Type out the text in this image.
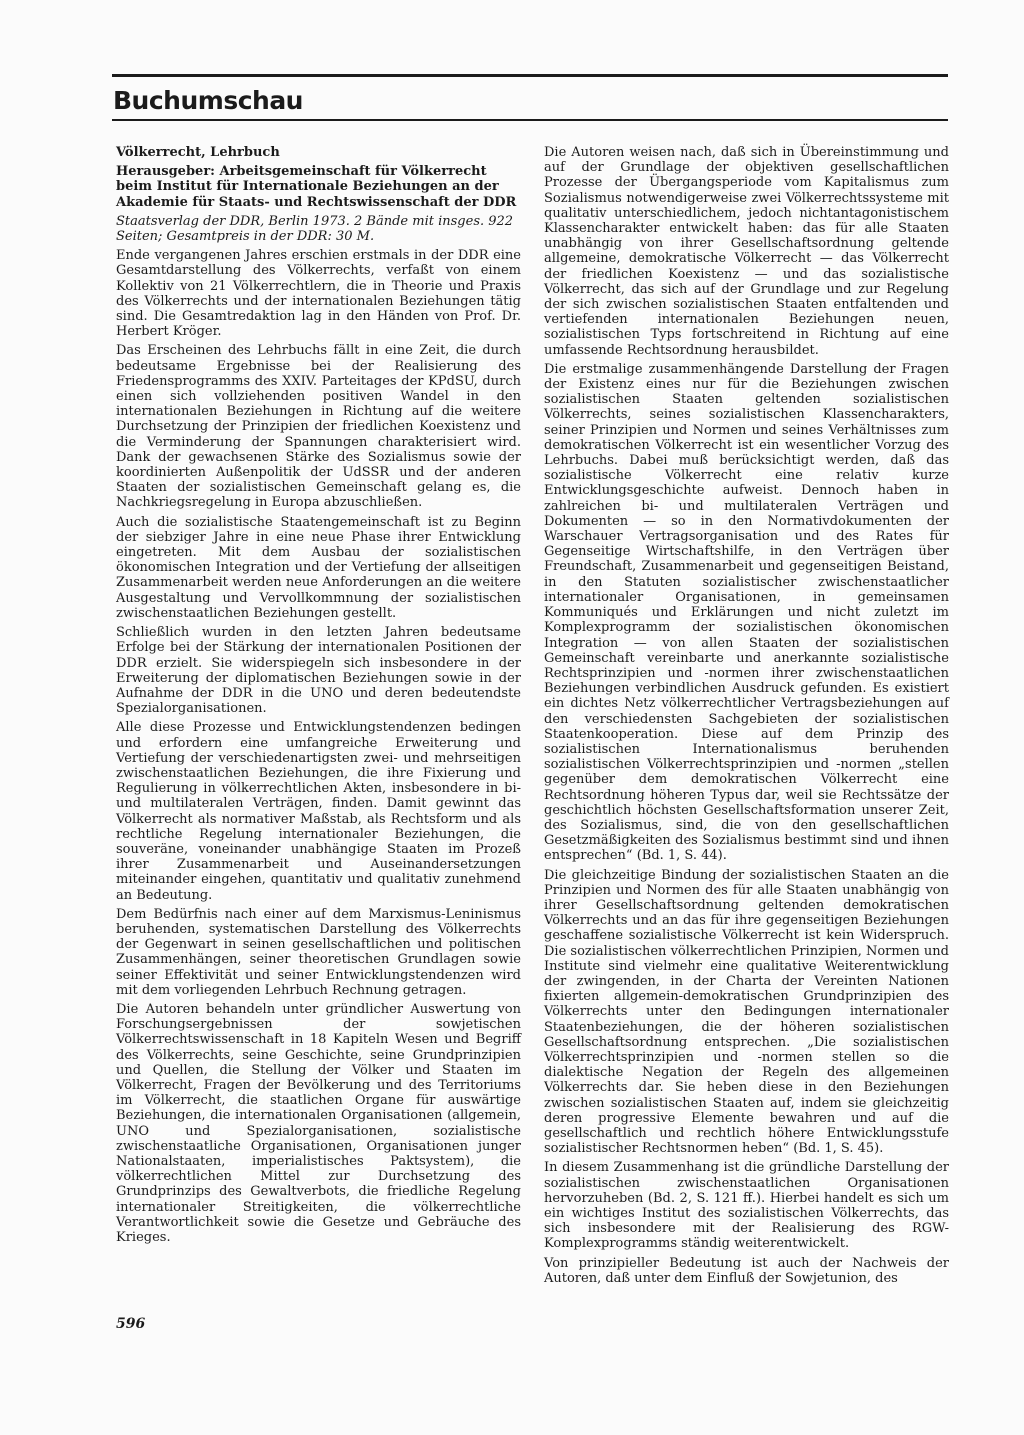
Buchumschau

Völkerrecht, Lehrbuch

Herausgeber: Arbeitsgemeinschaft für Völkerrecht beim Institut für Internationale Beziehungen an der Akademie für Staats- und Rechtswissenschaft der DDR

Staatsverlag der DDR, Berlin 1973. 2 Bände mit insges. 922 Seiten; Gesamtpreis in der DDR: 30 M.

Ende vergangenen Jahres erschien erstmals in der DDR eine Gesamtdarstellung des Völkerrechts, verfaßt von einem Kollektiv von 21 Völkerrechtlern, die in Theorie und Praxis des Völkerrechts und der internationalen Beziehungen tätig sind. Die Gesamtredaktion lag in den Händen von Prof. Dr. Herbert Kröger.

Das Erscheinen des Lehrbuchs fällt in eine Zeit, die durch bedeutsame Ergebnisse bei der Realisierung des Friedensprogramms des XXIV. Parteitages der KPdSU, durch einen sich vollziehenden positiven Wandel in den internationalen Beziehungen in Richtung auf die weitere Durchsetzung der Prinzipien der friedlichen Koexistenz und die Verminderung der Spannungen charakterisiert wird. Dank der gewachsenen Stärke des Sozialismus sowie der koordinierten Außenpolitik der UdSSR und der anderen Staaten der sozialistischen Gemeinschaft gelang es, die Nachkriegsregelung in Europa abzuschließen.

Auch die sozialistische Staatengemeinschaft ist zu Beginn der siebziger Jahre in eine neue Phase ihrer Entwicklung eingetreten. Mit dem Ausbau der sozialistischen ökonomischen Integration und der Vertiefung der allseitigen Zusammenarbeit werden neue Anforderungen an die weitere Ausgestaltung und Vervollkommnung der sozialistischen zwischenstaatlichen Beziehungen gestellt.

Schließlich wurden in den letzten Jahren bedeutsame Erfolge bei der Stärkung der internationalen Positionen der DDR erzielt. Sie widerspiegeln sich insbesondere in der Erweiterung der diplomatischen Beziehungen sowie in der Aufnahme der DDR in die UNO und deren bedeutendste Spezialorganisationen.

Alle diese Prozesse und Entwicklungstendenzen bedingen und erfordern eine umfangreiche Erweiterung und Vertiefung der verschiedenartigsten zwei- und mehrseitigen zwischenstaatlichen Beziehungen, die ihre Fixierung und Regulierung in völkerrechtlichen Akten, insbesondere in bi- und multilateralen Verträgen, finden. Damit gewinnt das Völkerrecht als normativer Maßstab, als Rechtsform und als rechtliche Regelung internationaler Beziehungen, die souveräne, voneinander unabhängige Staaten im Prozeß ihrer Zusammenarbeit und Auseinandersetzungen miteinander eingehen, quantitativ und qualitativ zunehmend an Bedeutung.

Dem Bedürfnis nach einer auf dem Marxismus-Leninismus beruhenden, systematischen Darstellung des Völkerrechts der Gegenwart in seinen gesellschaftlichen und politischen Zusammenhängen, seiner theoretischen Grundlagen sowie seiner Effektivität und seiner Entwicklungstendenzen wird mit dem vorliegenden Lehrbuch Rechnung getragen.

Die Autoren behandeln unter gründlicher Auswertung von Forschungsergebnissen der sowjetischen Völkerrechtswissenschaft in 18 Kapiteln Wesen und Begriff des Völkerrechts, seine Geschichte, seine Grundprinzipien und Quellen, die Stellung der Völker und Staaten im Völkerrecht, Fragen der Bevölkerung und des Territoriums im Völkerrecht, die staatlichen Organe für auswärtige Beziehungen, die internationalen Organisationen (allgemein, UNO und Spezialorganisationen, sozialistische zwischenstaatliche Organisationen, Organisationen junger Nationalstaaten, imperialistisches Paktsystem), die völkerrechtlichen Mittel zur Durchsetzung des Grundprinzips des Gewaltverbots, die friedliche Regelung internationaler Streitigkeiten, die völkerrechtliche Verantwortlichkeit sowie die Gesetze und Gebräuche des Krieges.

Die Autoren weisen nach, daß sich in Übereinstimmung und auf der Grundlage der objektiven gesellschaftlichen Prozesse der Übergangsperiode vom Kapitalismus zum Sozialismus notwendigerweise zwei Völkerrechtssysteme mit qualitativ unterschiedlichem, jedoch nichtantagonistischem Klassencharakter entwickelt haben: das für alle Staaten unabhängig von ihrer Gesellschaftsordnung geltende allgemeine, demokratische Völkerrecht — das Völkerrecht der friedlichen Koexistenz — und das sozialistische Völkerrecht, das sich auf der Grundlage und zur Regelung der sich zwischen sozialistischen Staaten entfaltenden und vertiefenden internationalen Beziehungen neuen, sozialistischen Typs fortschreitend in Richtung auf eine umfassende Rechtsordnung herausbildet.

Die erstmalige zusammenhängende Darstellung der Fragen der Existenz eines nur für die Beziehungen zwischen sozialistischen Staaten geltenden sozialistischen Völkerrechts, seines sozialistischen Klassencharakters, seiner Prinzipien und Normen und seines Verhältnisses zum demokratischen Völkerrecht ist ein wesentlicher Vorzug des Lehrbuchs. Dabei muß berücksichtigt werden, daß das sozialistische Völkerrecht eine relativ kurze Entwicklungsgeschichte aufweist. Dennoch haben in zahlreichen bi- und multilateralen Verträgen und Dokumenten — so in den Normativdokumenten der Warschauer Vertragsorganisation und des Rates für Gegenseitige Wirtschaftshilfe, in den Verträgen über Freundschaft, Zusammenarbeit und gegenseitigen Beistand, in den Statuten sozialistischer zwischenstaatlicher internationaler Organisationen, in gemeinsamen Kommuniqués und Erklärungen und nicht zuletzt im Komplexprogramm der sozialistischen ökonomischen Integration — von allen Staaten der sozialistischen Gemeinschaft vereinbarte und anerkannte sozialistische Rechtsprinzipien und -normen ihrer zwischenstaatlichen Beziehungen verbindlichen Ausdruck gefunden. Es existiert ein dichtes Netz völkerrechtlicher Vertragsbeziehungen auf den verschiedensten Sachgebieten der sozialistischen Staatenkooperation. Diese auf dem Prinzip des sozialistischen Internationalismus beruhenden sozialistischen Völkerrechtsprinzipien und -normen „stellen gegenüber dem demokratischen Völkerrecht eine Rechtsordnung höheren Typus dar, weil sie Rechtssätze der geschichtlich höchsten Gesellschaftsformation unserer Zeit, des Sozialismus, sind, die von den gesellschaftlichen Gesetzmäßigkeiten des Sozialismus bestimmt sind und ihnen entsprechen“ (Bd. 1, S. 44).

Die gleichzeitige Bindung der sozialistischen Staaten an die Prinzipien und Normen des für alle Staaten unabhängig von ihrer Gesellschaftsordnung geltenden demokratischen Völkerrechts und an das für ihre gegenseitigen Beziehungen geschaffene sozialistische Völkerrecht ist kein Widerspruch. Die sozialistischen völkerrechtlichen Prinzipien, Normen und Institute sind vielmehr eine qualitative Weiterentwicklung der zwingenden, in der Charta der Vereinten Nationen fixierten allgemein-demokratischen Grundprinzipien des Völkerrechts unter den Bedingungen internationaler Staatenbeziehungen, die der höheren sozialistischen Gesellschaftsordnung entsprechen. „Die sozialistischen Völkerrechtsprinzipien und -normen stellen so die dialektische Negation der Regeln des allgemeinen Völkerrechts dar. Sie heben diese in den Beziehungen zwischen sozialistischen Staaten auf, indem sie gleichzeitig deren progressive Elemente bewahren und auf die gesellschaftlich und rechtlich höhere Entwicklungsstufe sozialistischer Rechtsnormen heben“ (Bd. 1, S. 45).

In diesem Zusammenhang ist die gründliche Darstellung der sozialistischen zwischenstaatlichen Organisationen hervorzuheben (Bd. 2, S. 121 ff.). Hierbei handelt es sich um ein wichtiges Institut des sozialistischen Völkerrechts, das sich insbesondere mit der Realisierung des RGW-Komplexprogramms ständig weiterentwickelt.

Von prinzipieller Bedeutung ist auch der Nachweis der Autoren, daß unter dem Einfluß der Sowjetunion, des

596
